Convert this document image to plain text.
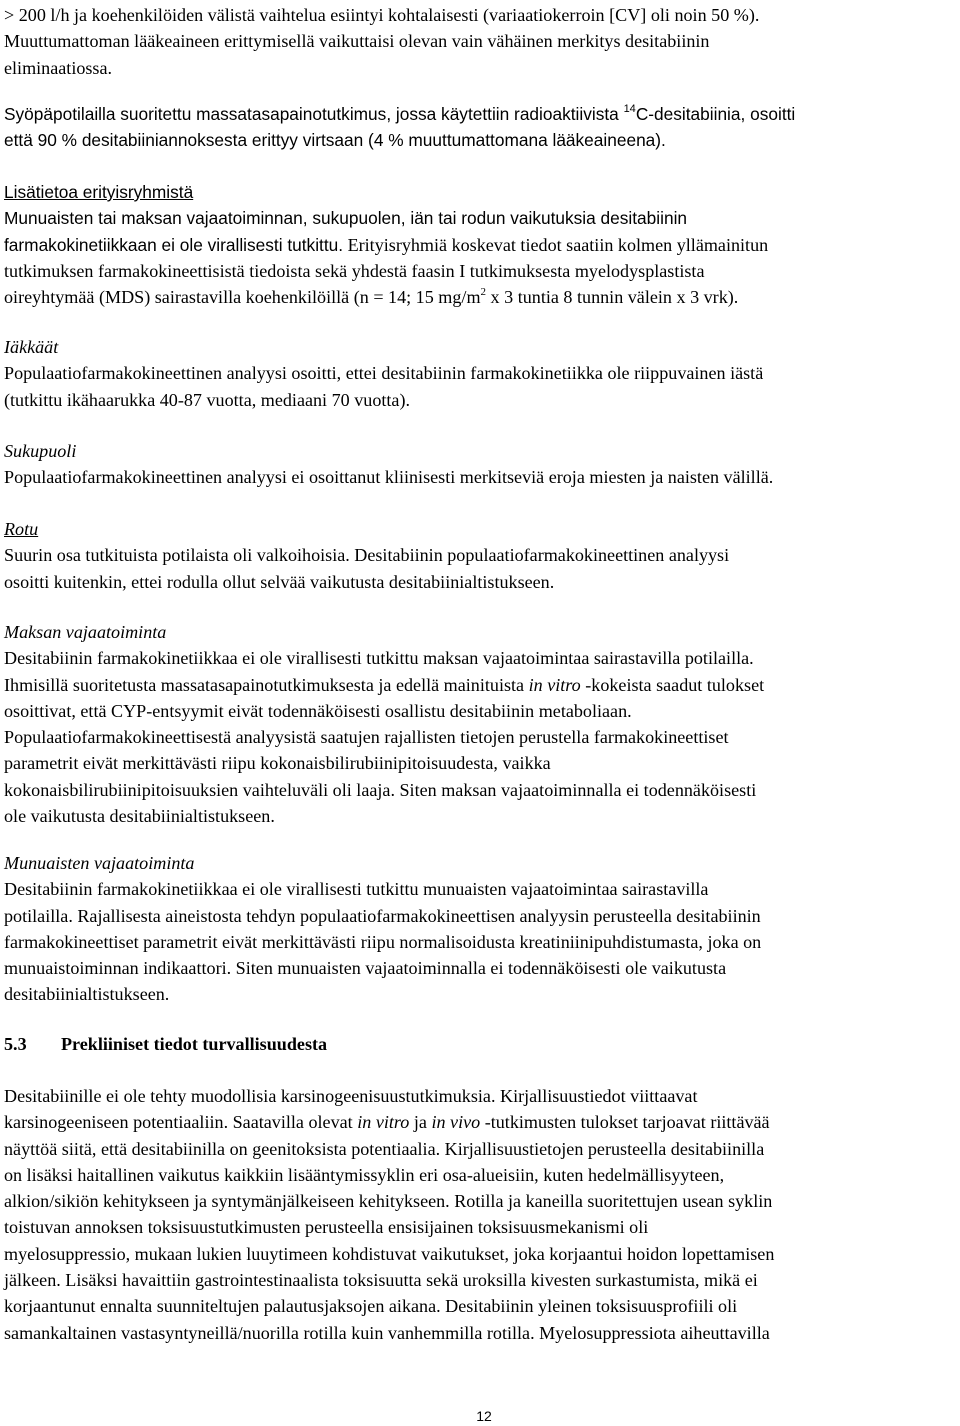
> 200 l/h ja koehenkilöiden välistä vaihtelua esiintyi kohtalaisesti (variaatiokerroin [CV] oli noin 50 %).

Muuttumattoman lääkeaineen erittymisellä vaikuttaisi olevan vain vähäinen merkitys desitabiinin

eliminaatiossa.

Syöpäpotilailla suoritettu massatasapainotutkimus, jossa käytettiin radioaktiivista $^{14}$C-desitabiinia, osoitti

että 90 % desitabiiniannoksesta erittyy virtsaan (4 % muuttumattomana lääkeaineena).

Lisätietoa erityisryhmistä

Munuaisten tai maksan vajaatoiminnan, sukupuolen, iän tai rodun vaikutuksia desitabiinin

farmakokinetiikkaan ei ole virallisesti tutkittu. Erityisryhmiä koskevat tiedot saatiin kolmen yllämainitun

tutkimuksen farmakokineettisistä tiedoista sekä yhdestä faasin I tutkimuksesta myelodysplastista

oireyhtymää (MDS) sairastavilla koehenkilöillä (n = 14; 15 $mg/m^2$ x 3 tuntia 8 tunnin välein x 3 vrk).

Iäkkäät

Populaatiofarmakokineettinen analyysi osoitti, ettei desitabiinin farmakokinetiikka ole riippuvainen iästä

(tutkittu ikähaarukka 40-87 vuotta, mediaani 70 vuotta).

Sukupuoli

Populaatiofarmakokineettinen analyysi ei osoittanut kliinisesti merkitseviä eroja miesten ja naisten välillä.

Rotu

Suurin osa tutkituista potilaista oli valkoihoisia. Desitabiinin populaatiofarmakokineettinen analyysi

osoitti kuitenkin, ettei rodulla ollut selvää vaikutusta desitabiinialtistukseen.

Maksan vajaatoiminta

Desitabiinin farmakokinetiikkaa ei ole virallisesti tutkittu maksan vajaatoimintaa sairastavilla potilailla.

Ihmisillä suoritetusta massatasapainotutkimuksesta ja edellä mainituista in vitro -kokeista saadut tulokset

osoittivat, että CYP-entsyymit eivät todennäköisesti osallistu desitabiinin metaboliaan.

Populaatiofarmakokineettisestä analyysistä saatujen rajallisten tietojen perustella farmakokineettiset

parametrit eivät merkittävästi riipu kokonaisbilirubiinipitoisuudesta, vaikka

kokonaisbilirubiinipitoisuuksien vaihteluväli oli laaja. Siten maksan vajaatoiminnalla ei todennäköisesti

ole vaikutusta desitabiinialtistukseen.

Munuaisten vajaatoiminta

Desitabiinin farmakokinetiikkaa ei ole virallisesti tutkittu munuaisten vajaatoimintaa sairastavilla

potilailla. Rajallisesta aineistosta tehdyn populaatiofarmakokineettisen analyysin perusteella desitabiinin

farmakokineettiset parametrit eivät merkittävästi riipu normalisoidusta kreatiniinipuhdistumasta, joka on

munuaistoiminnan indikaattori. Siten munuaisten vajaatoiminnalla ei todennäköisesti ole vaikutusta

desitabiinialtistukseen.

5.3 Prekliiniset tiedot turvallisuudesta

Desitabiinille ei ole tehty muodollisia karsinogeenisuustutkimuksia. Kirjallisuustiedot viittaavat

karsinogeeniseen potentiaaliin. Saatavilla olevat in vitro ja in vivo -tutkimusten tulokset tarjoavat riittävää

näyttöä siitä, että desitabiinilla on geenitoksista potentiaalia. Kirjallisuustietojen perusteella desitabiinilla

on lisäksi haitallinen vaikutus kaikkiin lisääntymissyklin eri osa-alueisiin, kuten hedelmällisyyteen,

alkion/sikiön kehitykseen ja syntymänjälkeiseen kehitykseen. Rotilla ja kaneilla suoritettujen usean syklin

toistuvan annoksen toksisuustutkimusten perusteella ensisijainen toksisuusmekanismi oli

myelosuppressio, mukaan lukien luuytimeen kohdistuvat vaikutukset, joka korjaantui hoidon lopettamisen

jälkeen. Lisäksi havaittiin gastrointestinaalista toksisuutta sekä uroksilla kivesten surkastumista, mikä ei

korjaantunut ennalta suunniteltujen palautusjaksojen aikana. Desitabiinin yleinen toksisuusprofiili oli

samankaltainen vastasyntyneillä/nuorilla rotilla kuin vanhemmilla rotilla. Myelosuppressiota aiheuttavilla

12
